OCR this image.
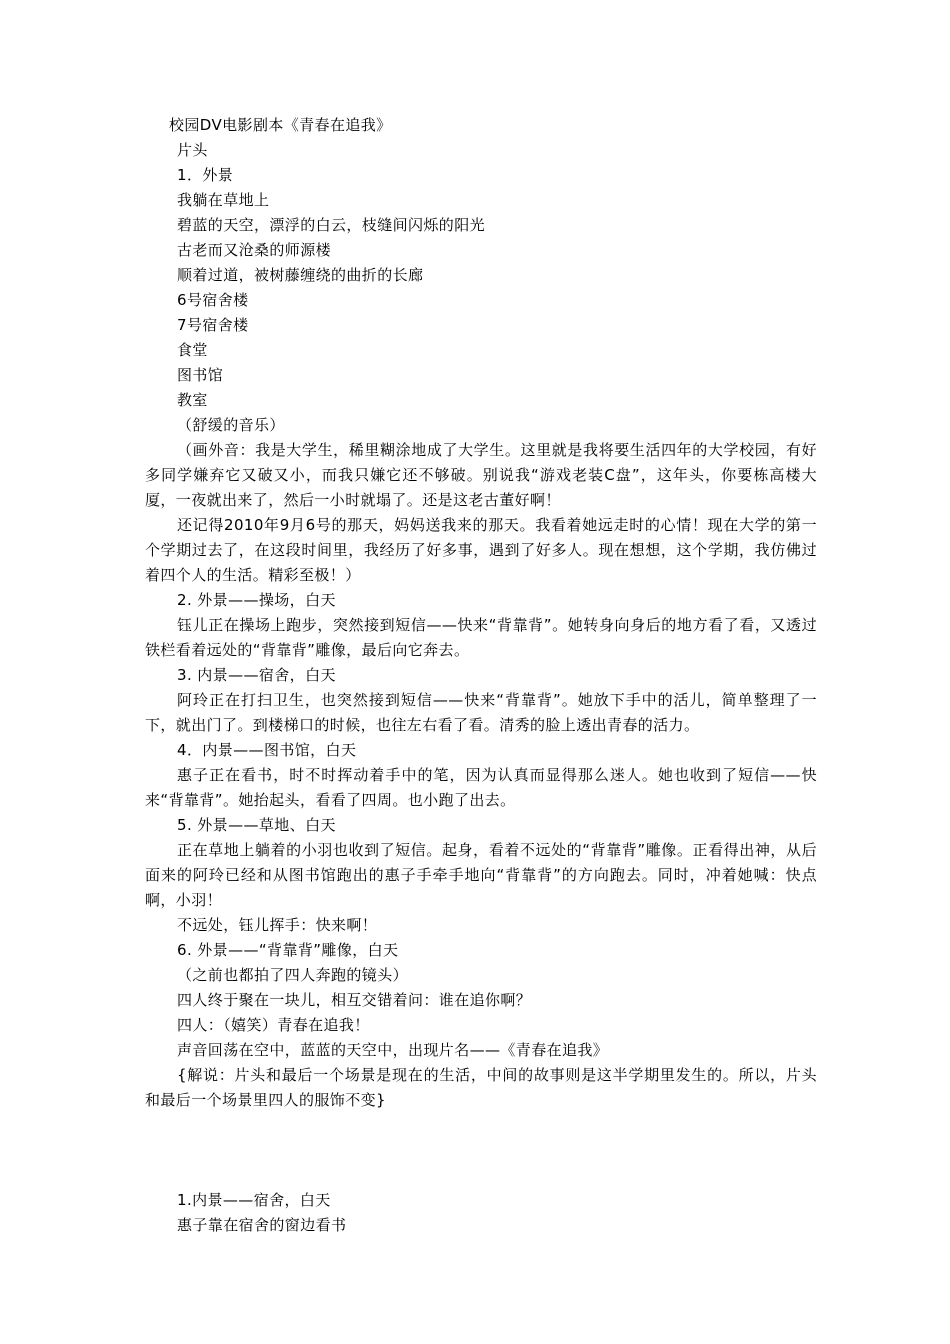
校园DV电影剧本《青春在追我》

片头

1．外景

我躺在草地上

碧蓝的天空，漂浮的白云，枝缝间闪烁的阳光

古老而又沧桑的师源楼

顺着过道，被树藤缠绕的曲折的长廊

6号宿舍楼

7号宿舍楼

食堂

图书馆

教室

（舒缓的音乐）

（画外音：我是大学生，稀里糊涂地成了大学生。这里就是我将要生活四年的大学校园，有好多同学嫌弃它又破又小，而我只嫌它还不够破。别说我“游戏老装C盘”，这年头，你要栋高楼大厦，一夜就出来了，然后一小时就塌了。还是这老古董好啊！

还记得2010年9月6号的那天，妈妈送我来的那天。我看着她远走时的心情！现在大学的第一个学期过去了，在这段时间里，我经历了好多事，遇到了好多人。现在想想，这个学期，我仿佛过着四个人的生活。精彩至极！）

2. 外景——操场，白天

钰儿正在操场上跑步，突然接到短信——快来“背靠背”。她转身向身后的地方看了看，又透过铁栏看着远处的“背靠背”雕像，最后向它奔去。

3. 内景——宿舍，白天

阿玲正在打扫卫生，也突然接到短信——快来“背靠背”。她放下手中的活儿，简单整理了一下，就出门了。到楼梯口的时候，也往左右看了看。清秀的脸上透出青春的活力。

4．内景——图书馆，白天

惠子正在看书，时不时挥动着手中的笔，因为认真而显得那么迷人。她也收到了短信——快来“背靠背”。她抬起头，看看了四周。也小跑了出去。

5. 外景——草地、白天

正在草地上躺着的小羽也收到了短信。起身，看着不远处的“背靠背”雕像。正看得出神，从后面来的阿玲已经和从图书馆跑出的惠子手牵手地向“背靠背”的方向跑去。同时，冲着她喊：快点啊，小羽！

不远处，钰儿挥手：快来啊！

6. 外景——“背靠背”雕像，白天

（之前也都拍了四人奔跑的镜头）

四人终于聚在一块儿，相互交错着问：谁在追你啊？

四人：（嬉笑）青春在追我！

声音回荡在空中，蓝蓝的天空中，出现片名——《青春在追我》

{解说：片头和最后一个场景是现在的生活，中间的故事则是这半学期里发生的。所以，片头和最后一个场景里四人的服饰不变}

1.内景——宿舍，白天

惠子靠在宿舍的窗边看书
